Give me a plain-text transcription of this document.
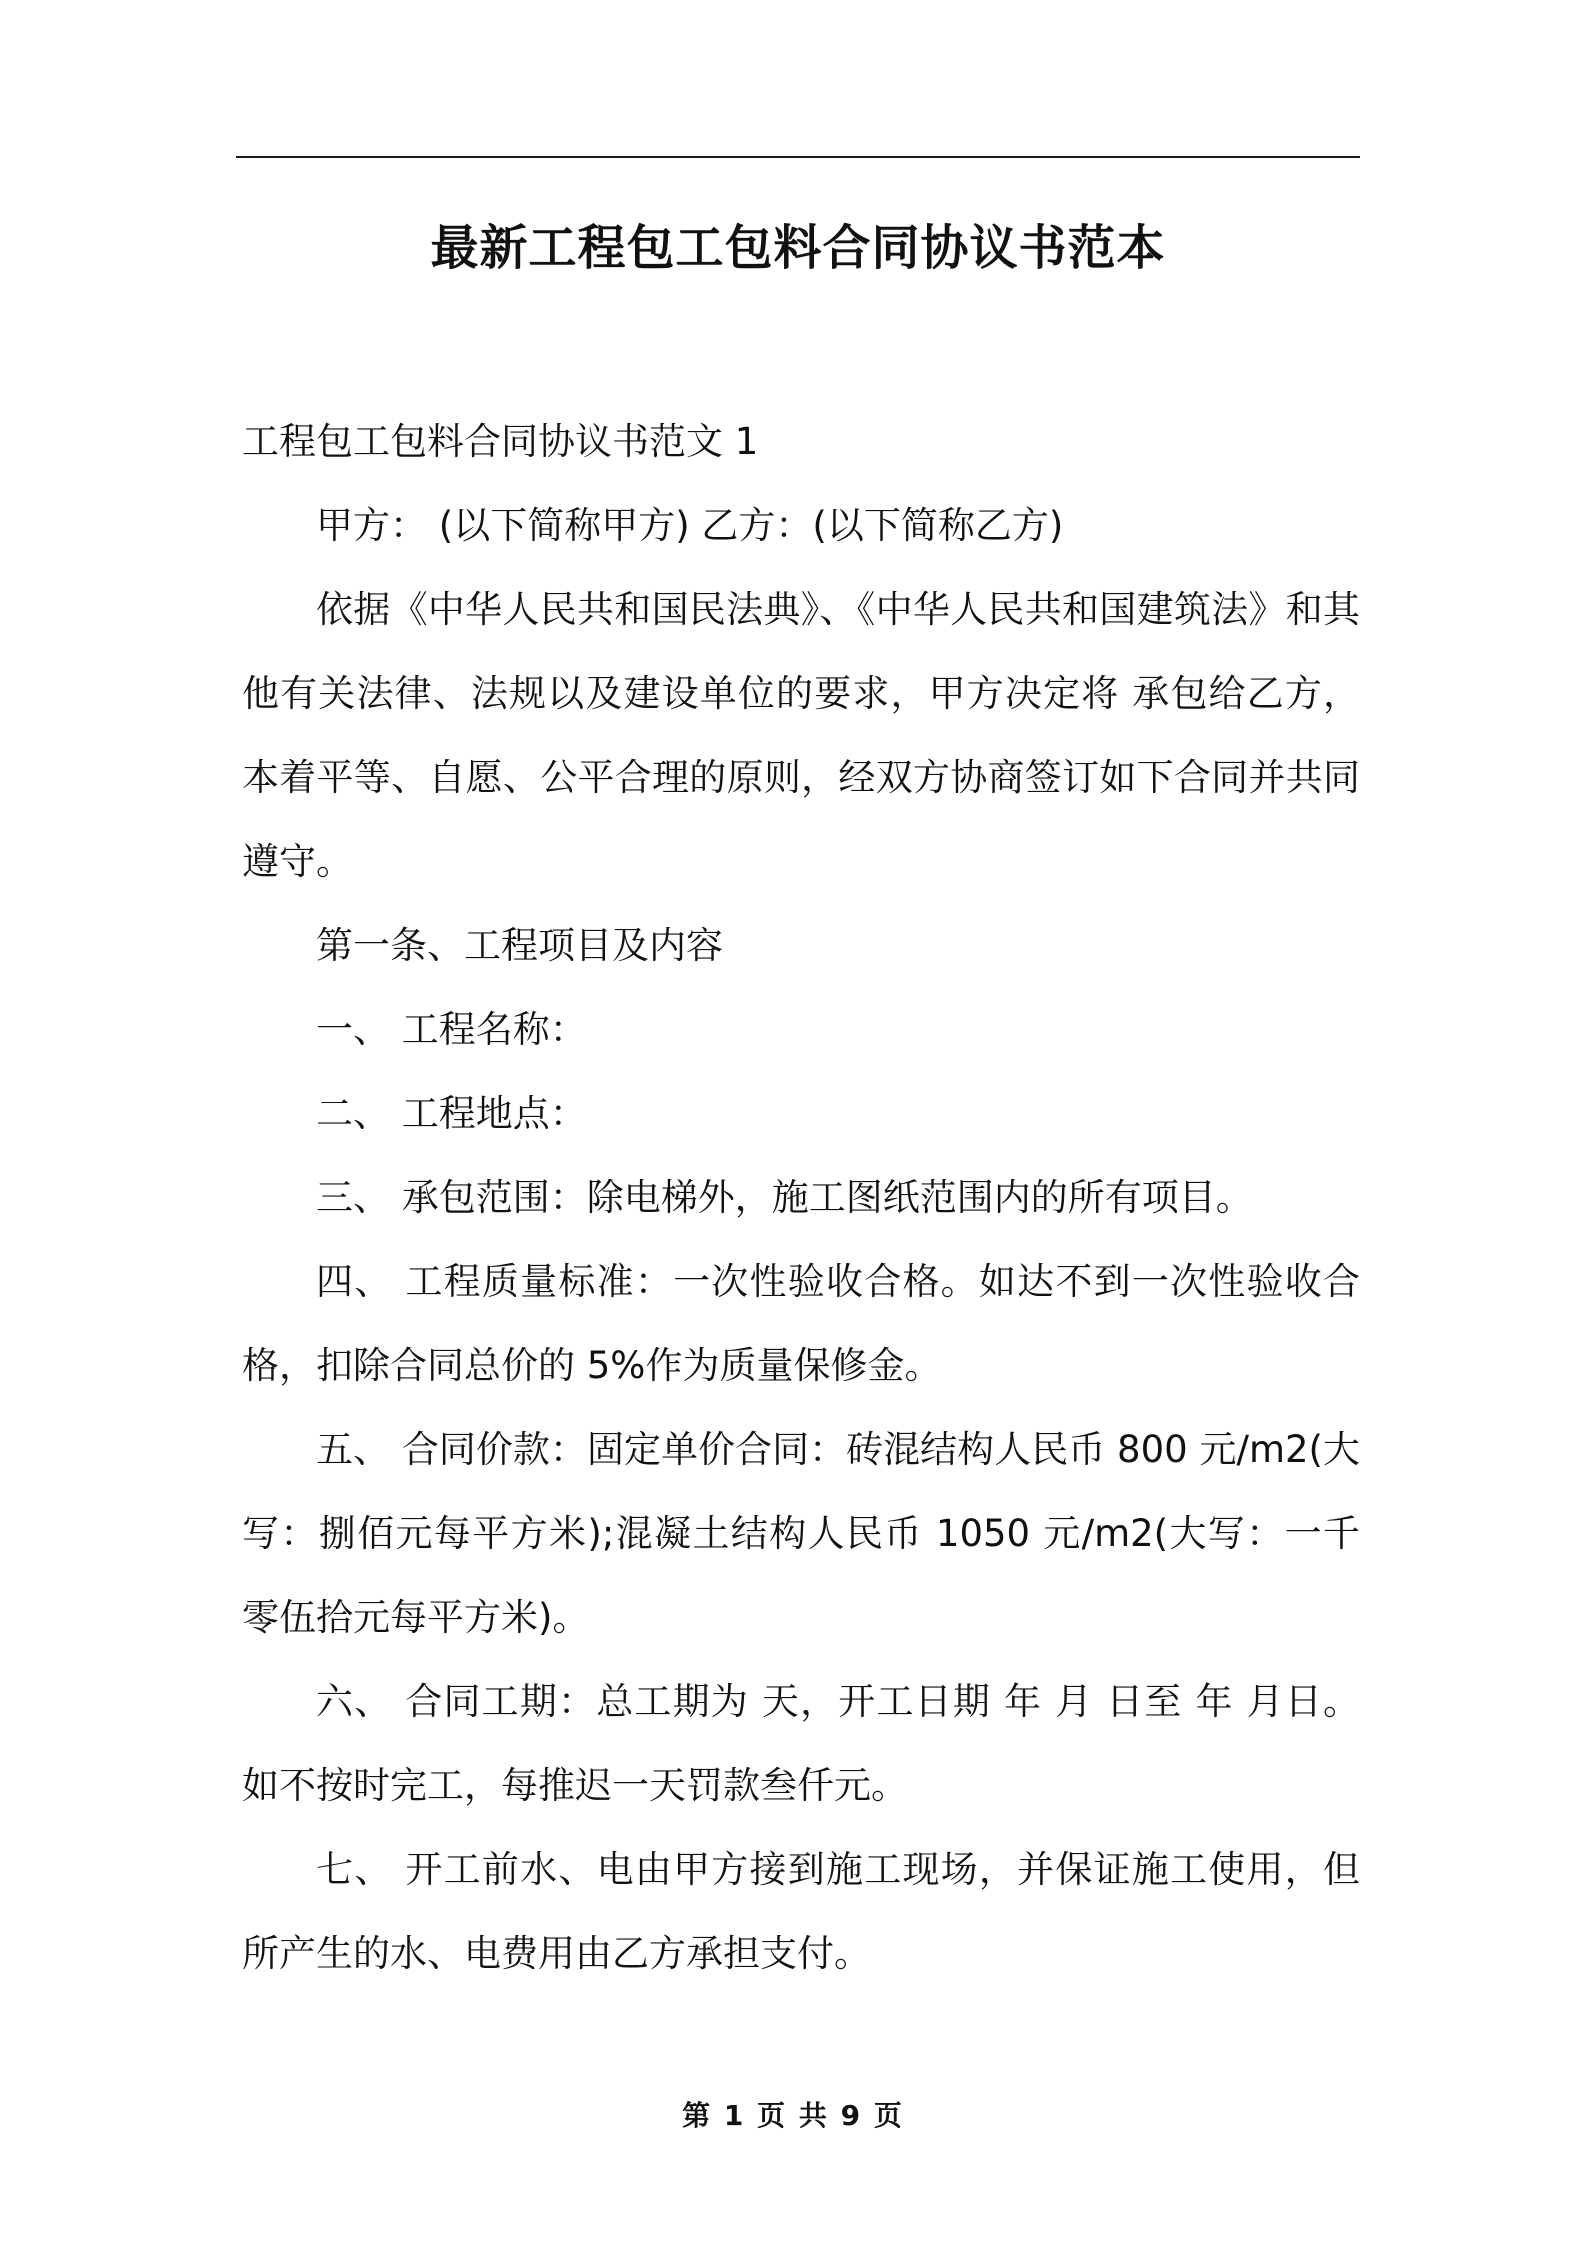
最新工程包工包料合同协议书范本

工程包工包料合同协议书范文 1

甲方： (以下简称甲方) 乙方：(以下简称乙方)

依据《中华人民共和国民法典》、《中华人民共和国建筑法》和其他有关法律、法规以及建设单位的要求，甲方决定将 承包给乙方，本着平等、自愿、公平合理的原则，经双方协商签订如下合同并共同遵守。

第一条、工程项目及内容

一、 工程名称：

二、 工程地点：

三、 承包范围：除电梯外，施工图纸范围内的所有项目。

四、 工程质量标准：一次性验收合格。如达不到一次性验收合格，扣除合同总价的 5%作为质量保修金。

五、 合同价款：固定单价合同：砖混结构人民币 800 元/m2(大写：捌佰元每平方米);混凝土结构人民币 1050 元/m2(大写：一千零伍拾元每平方米)。

六、 合同工期：总工期为 天，开工日期 年 月 日至 年 月日。如不按时完工，每推迟一天罚款叁仟元。

七、 开工前水、电由甲方接到施工现场，并保证施工使用，但所产生的水、电费用由乙方承担支付。

第 1 页 共 9 页
